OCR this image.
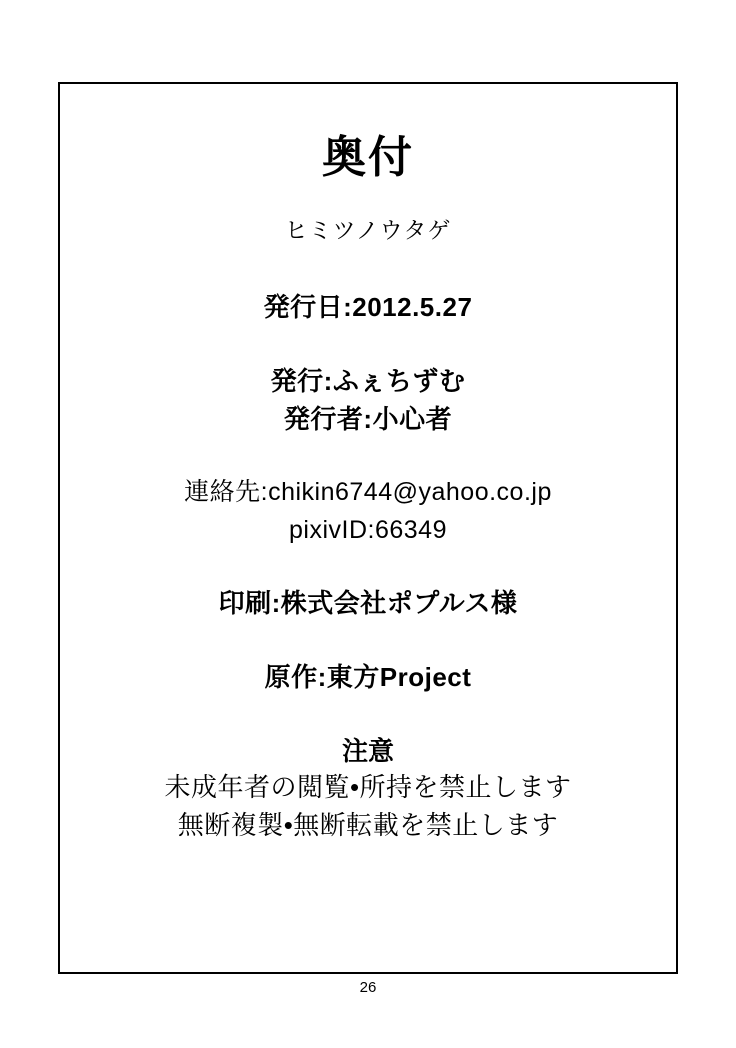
奥付
ヒミツノウタゲ
発行日:2012.5.27
発行:ふぇちずむ
発行者:小心者
連絡先:chikin6744@yahoo.co.jp
pixivID:66349
印刷:株式会社ポプルス様
原作:東方Project
注意
未成年者の閲覧•所持を禁止します
無断複製•無断転載を禁止します
26
